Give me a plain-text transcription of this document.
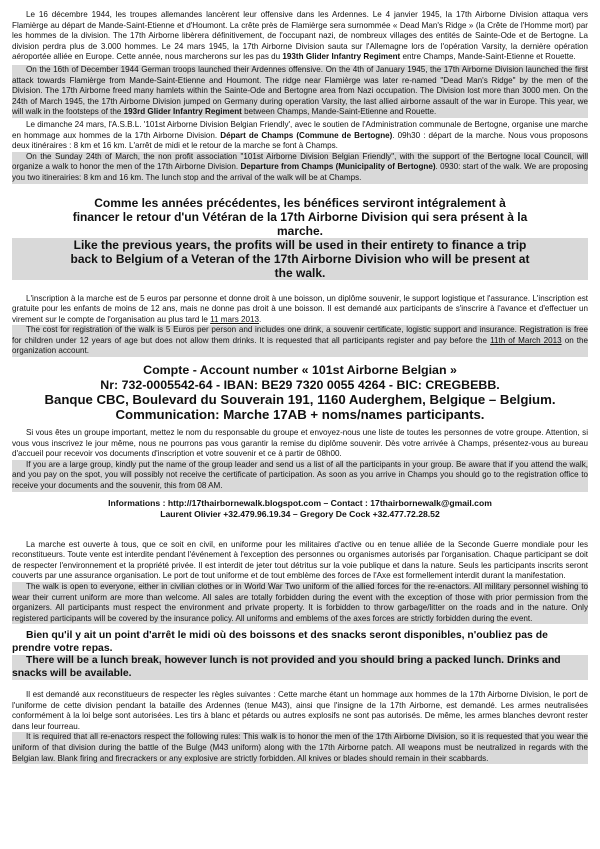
Le 16 décembre 1944, les troupes allemandes lancèrent leur offensive dans les Ardennes. Le 4 janvier 1945, la 17th Airborne Division attaqua vers Flamièrge au départ de Mande-Saint-Etienne et d'Houmont. La crête près de Flamièrge sera surnommée « Dead Man's Ridge » (la Crête de l'Homme mort) par les hommes de la division. The 17th Airborne libèrera définitivement, de l'occupant nazi, de nombreux villages des entités de Sainte-Ode et de Bertogne. La division perdra plus de 3.000 hommes. Le 24 mars 1945, la 17th Airborne Division sauta sur l'Allemagne lors de l'opération Varsity, la dernière opération aéroportée alliée en Europe. Cette année, nous marcherons sur les pas du 193th Glider Infantry Regiment entre Champs, Mande-Saint-Etienne et Rouette.

On the 16th of December 1944 German troops launched their Ardennes offensive. On the 4th of January 1945, the 17th Airborne Division launched the first attack towards Flamièrge from Mande-Saint-Etienne and Houmont. The ridge near Flamièrge was later re-named "Dead Man's Ridge" by the men of the Division. The 17th Airborne freed many hamlets within the Sainte-Ode and Bertogne area from Nazi occupation. The Division lost more than 3000 men. On the 24th of March 1945, the 17th Airborne Division jumped on Germany during operation Varsity, the last allied airborne assault of the war in Europe. This year, we will walk in the footsteps of the 193rd Glider Infantry Regiment between Champs, Mande-Saint-Etienne and Rouette.

Le dimanche 24 mars, l'A.S.B.L. '101st Airborne Division Belgian Friendly', avec le soutien de l'Administration communale de Bertogne, organise une marche en hommage aux hommes de la 17th Airborne Division. Départ de Champs (Commune de Bertogne). 09h30 : départ de la marche. Nous vous proposons deux itinéraires : 8 km et 16 km. L'arrêt de midi et le retour de la marche se font à Champs.

On the Sunday 24th of March, the non profit association "101st Airborne Division Belgian Friendly", with the support of the Bertogne local Council, will organize a walk to honor the men of the 17th Airborne Division. Departure from Champs (Municipality of Bertogne). 0930: start of the walk. We are proposing you two itinerairies: 8 km and 16 km. The lunch stop and the arrival of the walk will be at Champs.

Comme les années précédentes, les bénéfices serviront intégralement à financer le retour d'un Vétéran de la 17th Airborne Division qui sera présent à la marche.

Like the previous years, the profits will be used in their entirety to finance a trip back to Belgium of a Veteran of the 17th Airborne Division who will be present at the walk.

L'inscription à la marche est de 5 euros par personne et donne droit à une boisson, un diplôme souvenir, le support logistique et l'assurance. L'inscription est gratuite pour les enfants de moins de 12 ans, mais ne donne pas droit à une boisson. Il est demandé aux participants de s'inscrire à l'avance et d'effectuer un virement sur le compte de l'organisation au plus tard le 11 mars 2013.

The cost for registration of the walk is 5 Euros per person and includes one drink, a souvenir certificate, logistic support and insurance. Registration is free for children under 12 years of age but does not allow them drinks. It is requested that all participants register and pay before the 11th of March 2013 on the organization account.

Compte - Account number « 101st Airborne Belgian »
Nr: 732-0005542-64 - IBAN: BE29 7320 0055 4264 - BIC: CREGBEBB.
Banque CBC, Boulevard du Souverain 191, 1160 Auderghem, Belgique – Belgium.
Communication: Marche 17AB + noms/names participants.

Si vous êtes un groupe important, mettez le nom du responsable du groupe et envoyez-nous une liste de toutes les personnes de votre groupe. Attention, si vous vous inscrivez le jour même, nous ne pourrons pas vous garantir la remise du diplôme souvenir. Dès votre arrivée à Champs, présentez-vous au bureau d'accueil pour recevoir vos documents d'inscription et votre souvenir et ce à partir de 08h00.

If you are a large group, kindly put the name of the group leader and send us a list of all the participants in your group. Be aware that if you attend the walk, and you pay on the spot, you will possibly not receive the certificate of participation. As soon as you arrive in Champs you should go to the registration office to receive your documents and the souvenir, this from 08 AM.

Informations : http://17thairbornewalk.blogspot.com – Contact : 17thairbornewalk@gmail.com
Laurent Olivier +32.479.96.19.34 – Gregory De Cock +32.477.72.28.52

La marche est ouverte à tous, que ce soit en civil, en uniforme pour les militaires d'active ou en tenue alliée de la Seconde Guerre mondiale pour les reconstitueurs. Toute vente est interdite pendant l'événement à l'exception des personnes ou organismes autorisés par l'organisation. Chaque participant se doit de respecter l'environnement et la propriété privée. Il est interdit de jeter tout détritus sur la voie publique et dans la nature. Seuls les participants inscrits seront couverts par une assurance organisation. Le port de tout uniforme et de tout emblème des forces de l'Axe est formellement interdit durant la manifestation.

The walk is open to everyone, either in civilian clothes or in World War Two uniform of the allied forces for the re-enactors. All military personnel wishing to wear their current uniform are more than welcome. All sales are totally forbidden during the event with the exception of those with prior permission from the organizers. All participants must respect the environment and private property. It is forbidden to throw garbage/litter on the roads and in the nature. Only registered participants will be covered by the insurance policy. All uniforms and emblems of the axes forces are strictly forbidden during the event.

Bien qu'il y ait un point d'arrêt le midi où des boissons et des snacks seront disponibles, n'oubliez pas de prendre votre repas.

There will be a lunch break, however lunch is not provided and you should bring a packed lunch. Drinks and snacks will be available.

Il est demandé aux reconstitueurs de respecter les règles suivantes : Cette marche étant un hommage aux hommes de la 17th Airborne Division, le port de l'uniforme de cette division pendant la bataille des Ardennes (tenue M43), ainsi que l'insigne de la 17th Airborne, est demandé. Les armes neutralisées conformément à la loi belge sont autorisées. Les tirs à blanc et pétards ou autres explosifs ne sont pas autorisés. De même, les armes blanches devront rester dans leur fourreau.

It is required that all re-enactors respect the following rules: This walk is to honor the men of the 17th Airborne Division, so it is requested that you wear the uniform of that division during the battle of the Bulge (M43 uniform) along with the 17th Airborne patch. All weapons must be neutralized in regards with the Belgian law. Blank firing and firecrackers or any explosive are strictly forbidden. All knives or blades should remain in their scabbards.
